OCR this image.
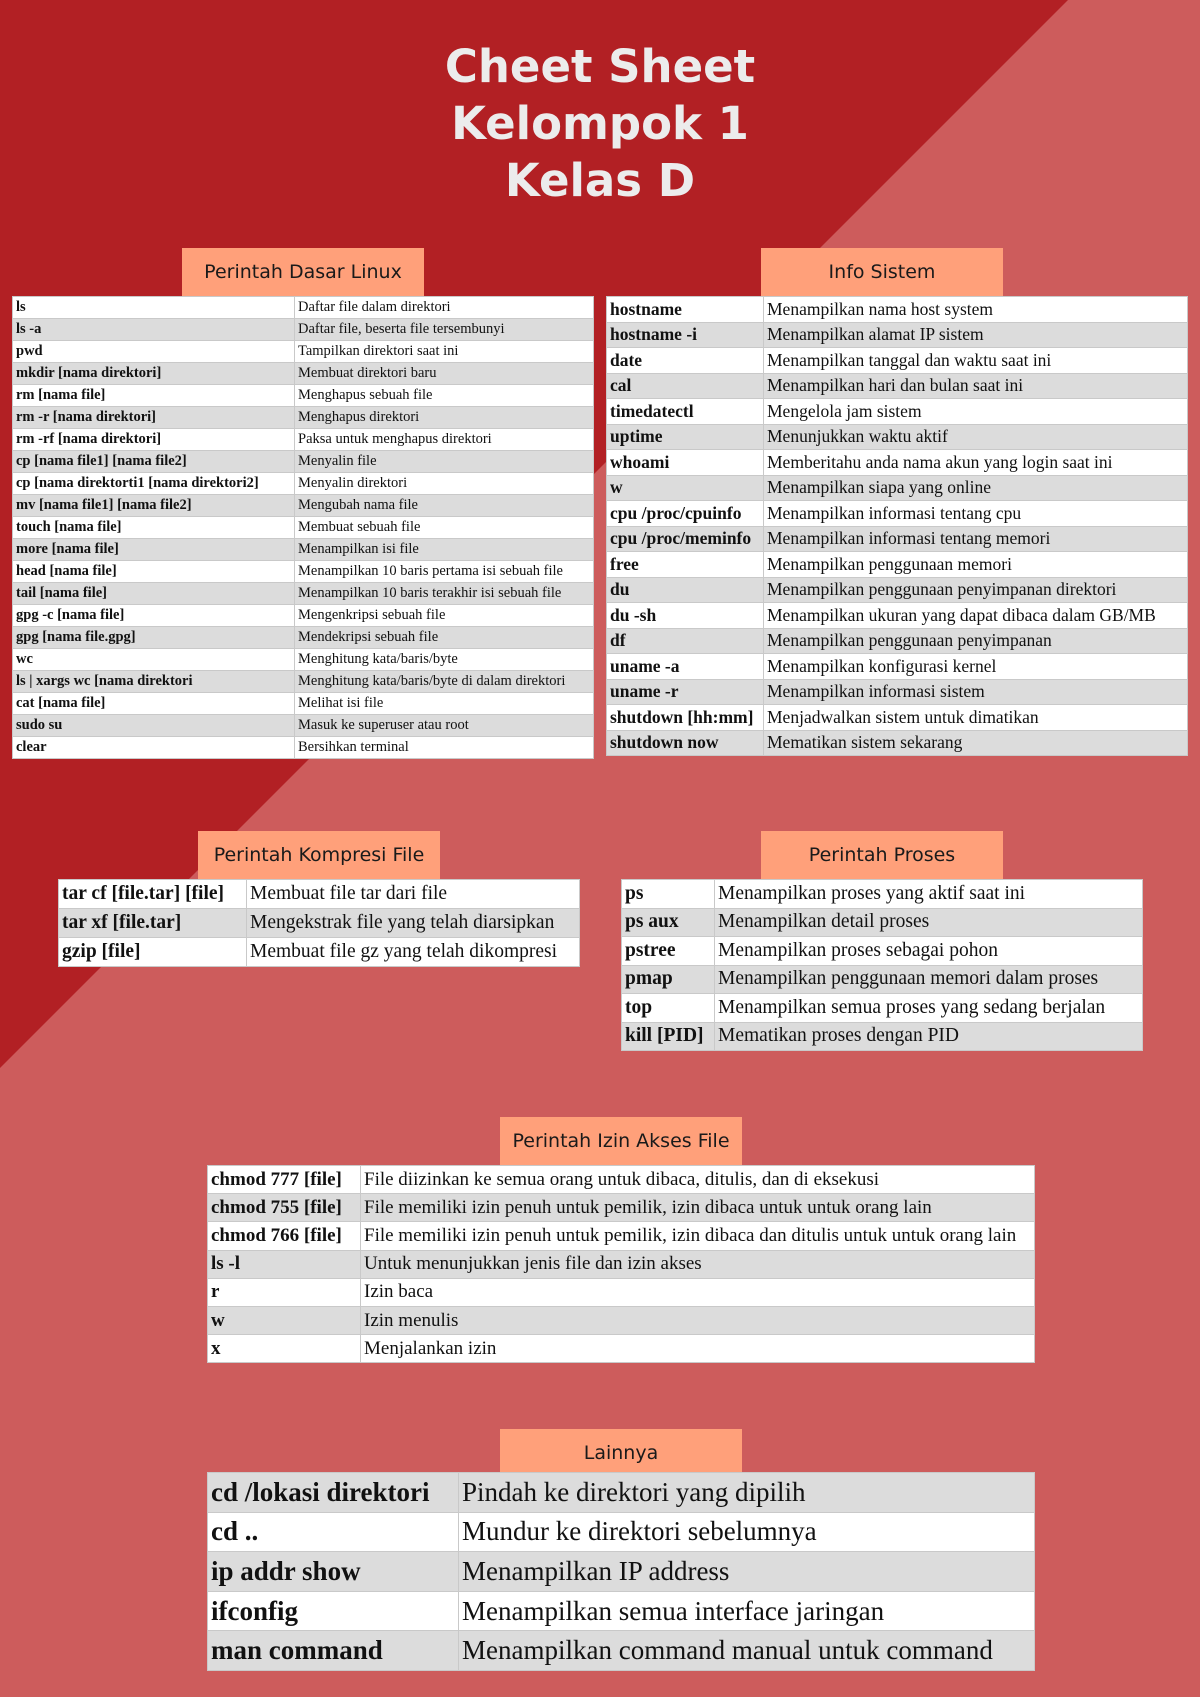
Cheet Sheet
Kelompok 1
Kelas D
Perintah Dasar Linux
ls	Daftar file dalam direktori
ls -a	Daftar file, beserta file tersembunyi
pwd	Tampilkan direktori saat ini
mkdir [nama direktori]	Membuat direktori baru
rm [nama file]	Menghapus sebuah file
rm -r [nama direktori]	Menghapus direktori
rm -rf [nama direktori]	Paksa untuk menghapus direktori
cp [nama file1] [nama file2]	Menyalin file
cp [nama direktorti1 [nama direktori2]	Menyalin direktori
mv [nama file1] [nama file2]	Mengubah nama file
touch [nama file]	Membuat sebuah file
more [nama file]	Menampilkan isi file
head [nama file]	Menampilkan 10 baris pertama isi sebuah file
tail [nama file]	Menampilkan 10 baris terakhir isi sebuah file
gpg -c [nama file]	Mengenkripsi sebuah file
gpg [nama file.gpg]	Mendekripsi sebuah file
wc	Menghitung kata/baris/byte
ls | xargs wc [nama direktori	Menghitung kata/baris/byte di dalam direktori
cat [nama file]	Melihat isi file
sudo su	Masuk ke superuser atau root
clear	Bersihkan terminal
Info Sistem
hostname	Menampilkan nama host system
hostname -i	Menampilkan alamat IP sistem
date	Menampilkan tanggal dan waktu saat ini
cal	Menampilkan hari dan bulan saat ini
timedatectl	Mengelola jam sistem
uptime	Menunjukkan waktu aktif
whoami	Memberitahu anda nama akun yang login saat ini
w	Menampilkan siapa yang online
cpu /proc/cpuinfo	Menampilkan informasi tentang cpu
cpu /proc/meminfo	Menampilkan informasi tentang memori
free	Menampilkan penggunaan memori
du	Menampilkan penggunaan penyimpanan direktori
du -sh	Menampilkan ukuran yang dapat dibaca dalam GB/MB
df	Menampilkan penggunaan penyimpanan
uname -a	Menampilkan konfigurasi kernel
uname -r	Menampilkan informasi sistem
shutdown [hh:mm]	Menjadwalkan sistem untuk dimatikan
shutdown now	Mematikan sistem sekarang
Perintah Kompresi File
tar cf [file.tar] [file]	Membuat file tar dari file
tar xf [file.tar]	Mengekstrak file yang telah diarsipkan
gzip [file]	Membuat file gz yang telah dikompresi
Perintah Proses
ps	Menampilkan proses yang aktif saat ini
ps aux	Menampilkan detail proses
pstree	Menampilkan proses sebagai pohon
pmap	Menampilkan penggunaan memori dalam proses
top	Menampilkan semua proses yang sedang berjalan
kill [PID]	Mematikan proses dengan PID
Perintah Izin Akses File
chmod 777 [file]	File diizinkan ke semua orang untuk dibaca, ditulis, dan di eksekusi
chmod 755 [file]	File memiliki izin penuh untuk pemilik, izin dibaca untuk untuk orang lain
chmod 766 [file]	File memiliki izin penuh untuk pemilik, izin dibaca dan ditulis untuk untuk orang lain
ls -l	Untuk menunjukkan jenis file dan izin akses
r	Izin baca
w	Izin menulis
x	Menjalankan izin
Lainnya
cd /lokasi direktori	Pindah ke direktori yang dipilih
cd ..	Mundur ke direktori sebelumnya
ip addr show	Menampilkan IP address
ifconfig	Menampilkan semua interface jaringan
man command	Menampilkan command manual untuk command
